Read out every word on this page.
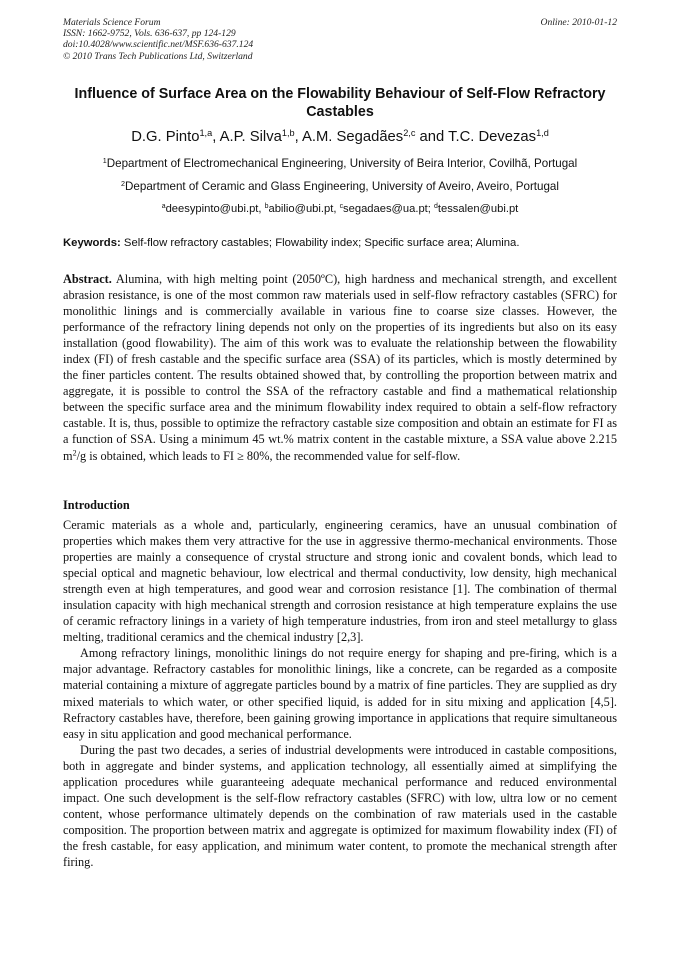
Materials Science Forum
ISSN: 1662-9752, Vols. 636-637, pp 124-129
doi:10.4028/www.scientific.net/MSF.636-637.124
© 2010 Trans Tech Publications Ltd, Switzerland
Online: 2010-01-12
Influence of Surface Area on the Flowability Behaviour of Self-Flow Refractory Castables
D.G. Pinto$^{1,a}$, A.P. Silva$^{1,b}$, A.M. Segadães$^{2,c}$ and T.C. Devezas$^{1,d}$
$^1$Department of Electromechanical Engineering, University of Beira Interior, Covilhã, Portugal
$^2$Department of Ceramic and Glass Engineering, University of Aveiro, Aveiro, Portugal
$^a$deesypinto@ubi.pt, $^b$abilio@ubi.pt, $^c$segadaes@ua.pt; $^d$tessalen@ubi.pt
Keywords: Self-flow refractory castables; Flowability index; Specific surface area; Alumina.
Abstract. Alumina, with high melting point (2050ºC), high hardness and mechanical strength, and excellent abrasion resistance, is one of the most common raw materials used in self-flow refractory castables (SFRC) for monolithic linings and is commercially available in various fine to coarse size classes. However, the performance of the refractory lining depends not only on the properties of its ingredients but also on its easy installation (good flowability). The aim of this work was to evaluate the relationship between the flowability index (FI) of fresh castable and the specific surface area (SSA) of its particles, which is mostly determined by the finer particles content. The results obtained showed that, by controlling the proportion between matrix and aggregate, it is possible to control the SSA of the refractory castable and find a mathematical relationship between the specific surface area and the minimum flowability index required to obtain a self-flow refractory castable. It is, thus, possible to optimize the refractory castable size composition and obtain an estimate for FI as a function of SSA. Using a minimum 45 wt.% matrix content in the castable mixture, a SSA value above 2.215 $m^2/g$ is obtained, which leads to FI ≥ 80%, the recommended value for self-flow.
Introduction

Ceramic materials as a whole and, particularly, engineering ceramics, have an unusual combination of properties which makes them very attractive for the use in aggressive thermo-mechanical environments. Those properties are mainly a consequence of crystal structure and strong ionic and covalent bonds, which lead to special optical and magnetic behaviour, low electrical and thermal conductivity, low density, high mechanical strength even at high temperatures, and good wear and corrosion resistance [1]. The combination of thermal insulation capacity with high mechanical strength and corrosion resistance at high temperature explains the use of ceramic refractory linings in a variety of high temperature industries, from iron and steel metallurgy to glass melting, traditional ceramics and the chemical industry [2,3].

Among refractory linings, monolithic linings do not require energy for shaping and pre-firing, which is a major advantage. Refractory castables for monolithic linings, like a concrete, can be regarded as a composite material containing a mixture of aggregate particles bound by a matrix of fine particles. They are supplied as dry mixed materials to which water, or other specified liquid, is added for in situ mixing and application [4,5]. Refractory castables have, therefore, been gaining growing importance in applications that require simultaneous easy in situ application and good mechanical performance.

During the past two decades, a series of industrial developments were introduced in castable compositions, both in aggregate and binder systems, and application technology, all essentially aimed at simplifying the application procedures while guaranteeing adequate mechanical performance and reduced environmental impact. One such development is the self-flow refractory castables (SFRC) with low, ultra low or no cement content, whose performance ultimately depends on the combination of raw materials used in the castable composition. The proportion between matrix and aggregate is optimized for maximum flowability index (FI) of the fresh castable, for easy application, and minimum water content, to promote the mechanical strength after firing.
